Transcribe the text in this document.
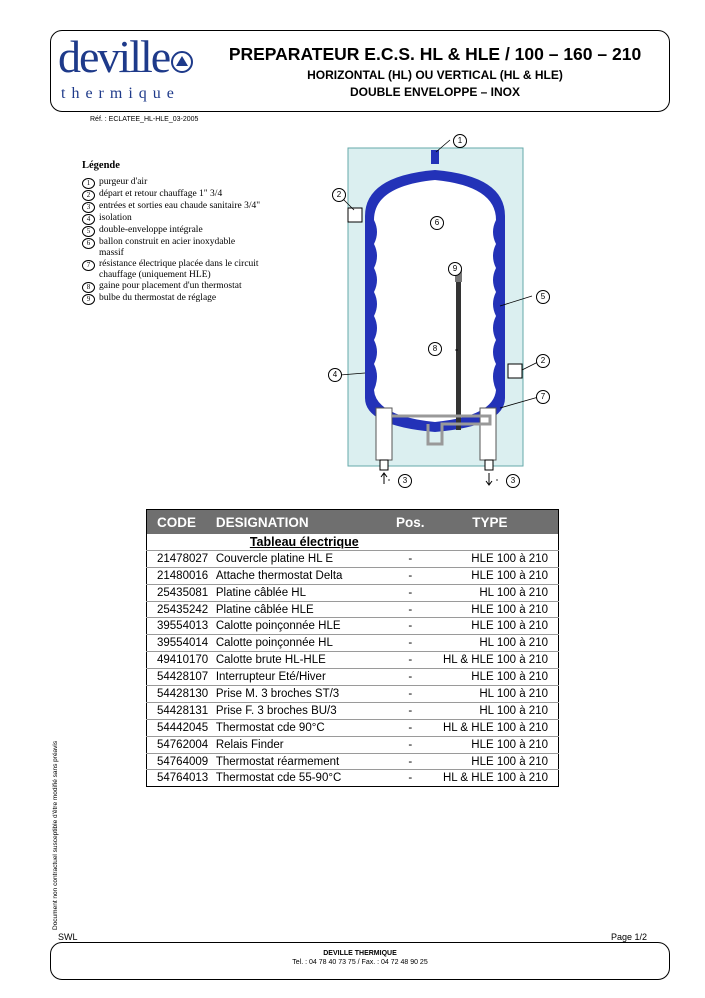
deville
thermique
PREPARATEUR E.C.S. HL & HLE / 100 – 160 – 210
HORIZONTAL (HL) OU VERTICAL (HL & HLE)
DOUBLE ENVELOPPE – INOX
Réf. : ECLATEE_HL-HLE_03-2005
Légende
1 purgeur d'air
2 départ et retour chauffage 1" 3/4
3 entrées et sorties eau chaude sanitaire 3/4"
4 isolation
5 double-enveloppe intégrale
6 ballon construit en acier inoxydable massif
7 résistance électrique placée dans le circuit chauffage (uniquement HLE)
8 gaine pour placement d'un thermostat
9 bulbe du thermostat de réglage
1
2
6
9
5
8
2
4
7
3	3
CODE	DESIGNATION	Pos.	TYPE
	Tableau électrique		
21478027	Couvercle platine HL E	-	HLE 100 à 210
21480016	Attache thermostat Delta	-	HLE 100 à 210
25435081	Platine câblée HL	-	HL 100 à 210
25435242	Platine câblée HLE	-	HLE 100 à 210
39554013	Calotte poinçonnée HLE	-	HLE 100 à 210
39554014	Calotte poinçonnée HL	-	HL 100 à 210
49410170	Calotte brute HL-HLE	-	HL & HLE 100 à 210
54428107	Interrupteur Eté/Hiver	-	HLE 100 à 210
54428130	Prise M. 3 broches ST/3	-	HL 100 à 210
54428131	Prise F. 3 broches BU/3	-	HL 100 à 210
54442045	Thermostat cde 90°C	-	HL & HLE 100 à 210
54762004	Relais Finder	-	HLE 100 à 210
54764009	Thermostat réarmement	-	HLE 100 à 210
54764013	Thermostat cde 55-90°C	-	HL & HLE 100 à 210
Document non contractuel susceptible d'être modifié sans préavis
SWL	Page 1/2
DEVILLE THERMIQUE
Tel. : 04 78 40 73 75 / Fax. : 04 72 48 90 25
